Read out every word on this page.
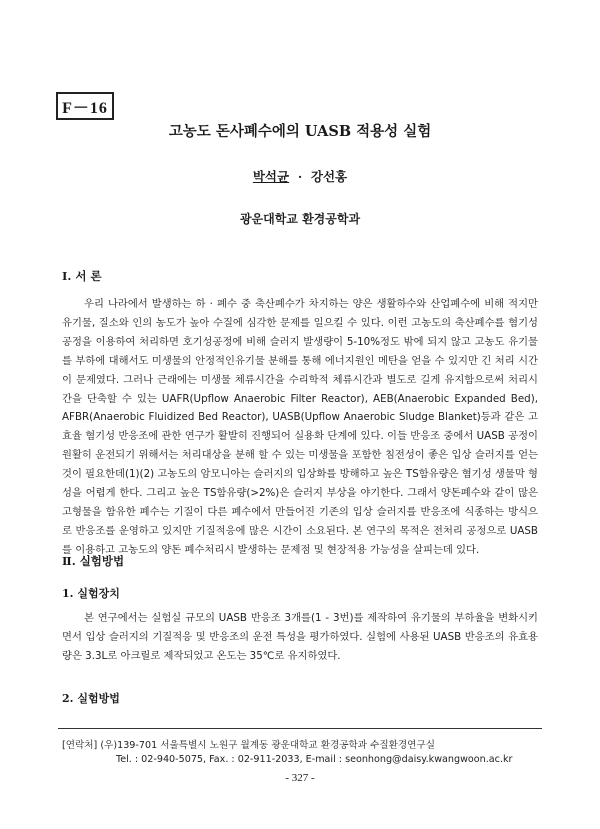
F－16
고농도 돈사폐수에의 UASB 적용성 실험
박석균 · 강선홍
광운대학교 환경공학과
Ⅰ. 서 론
우리 나라에서 발생하는 하 · 폐수 중 축산폐수가 차지하는 양은 생활하수와 산업폐수에 비해 적지만 유기물, 질소와 인의 농도가 높아 수질에 심각한 문제를 일으킬 수 있다. 이런 고농도의 축산폐수를 혐기성 공정을 이용하여 처리하면 호기성공정에 비해 슬러지 발생량이 5-10%정도 밖에 되지 않고 고농도 유기물를 부하에 대해서도 미생물의 안정적인유기물 분해를 통해 에너지원인 메탄을 얻을 수 있지만 긴 처리 시간이 문제였다. 그러나 근래에는 미생물 체류시간을 수리학적 체류시간과 별도로 길게 유지함으로써 처리시간을 단축할 수 있는 UAFR(Upflow Anaerobic Filter Reactor), AEB(Anaerobic Expanded Bed), AFBR(Anaerobic Fluidized Bed Reactor), UASB(Upflow Anaerobic Sludge Blanket)등과 같은 고효율 혐기성 반응조에 관한 연구가 활발히 진행되어 실용화 단계에 있다. 이들 반응조 중에서 UASB 공정이 원활히 운전되기 위해서는 처리대상을 분해 할 수 있는 미생물을 포함한 침전성이 좋은 입상 슬러지를 얻는 것이 필요한데(1)(2) 고농도의 암모니아는 슬러지의 입상화를 방해하고 높은 TS함유량은 혐기성 생물막 형성을 어렵게 한다. 그리고 높은 TS함유량(>2%)은 슬러지 부상을 야기한다. 그래서 양돈폐수와 같이 많은 고형물을 함유한 폐수는 기질이 다른 폐수에서 만들어진 기존의 입상 슬러지를 반응조에 식종하는 방식으로 반응조를 운영하고 있지만 기질적응에 많은 시간이 소요된다. 본 연구의 목적은 전처리 공정으로 UASB를 이용하고 고농도의 양돈 폐수처리시 발생하는 문제점 및 현장적용 가능성을 살피는데 있다.
Ⅱ. 실험방법
1. 실험장치
본 연구에서는 실험실 규모의 UASB 반응조 3개를(1 - 3번)를 제작하여 유기물의 부하율을 변화시키면서 입상 슬러지의 기질적응 및 반응조의 운전 특성을 평가하였다. 실험에 사용된 UASB 반응조의 유효용량은 3.3L로 아크릴로 제작되었고 온도는 35℃로 유지하였다.
2. 실험방법
[연락처] (우)139-701 서울특별시 노원구 월계동 광운대학교 환경공학과 수질환경연구실
Tel. : 02-940-5075, Fax. : 02-911-2033, E-mail : seonhong@daisy.kwangwoon.ac.kr
- 327 -
